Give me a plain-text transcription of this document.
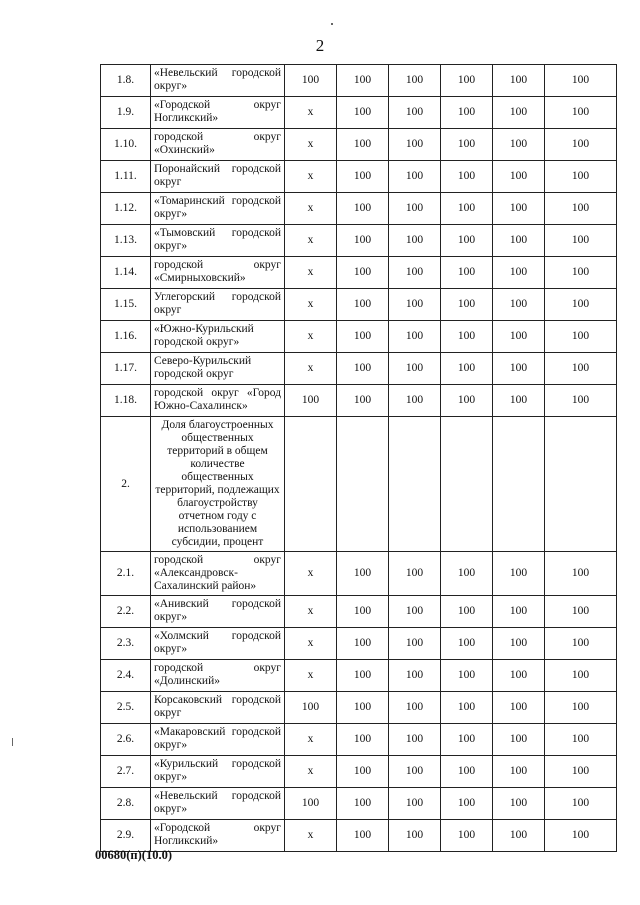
2
1.8.	«Невельский городской округ»	100	100	100	100	100	100
1.9.	«Городской округ Ногликский»	x	100	100	100	100	100
1.10.	городской округ «Охинский»	x	100	100	100	100	100
1.11.	Поронайский городской округ	x	100	100	100	100	100
1.12.	«Томаринский городской округ»	x	100	100	100	100	100
1.13.	«Тымовский городской округ»	x	100	100	100	100	100
1.14.	городской округ «Смирныховский»	x	100	100	100	100	100
1.15.	Углегорский городской округ	x	100	100	100	100	100
1.16.	«Южно-Курильский городской округ»	x	100	100	100	100	100
1.17.	Северо-Курильский городской округ	x	100	100	100	100	100
1.18.	городской округ «Город Южно-Сахалинск»	100	100	100	100	100	100
2.	Доля благоустроенных общественных территорий в общем количестве общественных территорий, подлежащих благоустройству отчетном году с использованием субсидии, процент						
2.1.	городской округ «Александровск-Сахалинский район»	x	100	100	100	100	100
2.2.	«Анивский городской округ»	x	100	100	100	100	100
2.3.	«Холмский городской округ»	x	100	100	100	100	100
2.4.	городской округ «Долинский»	x	100	100	100	100	100
2.5.	Корсаковский городской округ	100	100	100	100	100	100
2.6.	«Макаровский городской округ»	x	100	100	100	100	100
2.7.	«Курильский городской округ»	x	100	100	100	100	100
2.8.	«Невельский городской округ»	100	100	100	100	100	100
2.9.	«Городской округ Ногликский»	x	100	100	100	100	100
00680(п)(10.0)
